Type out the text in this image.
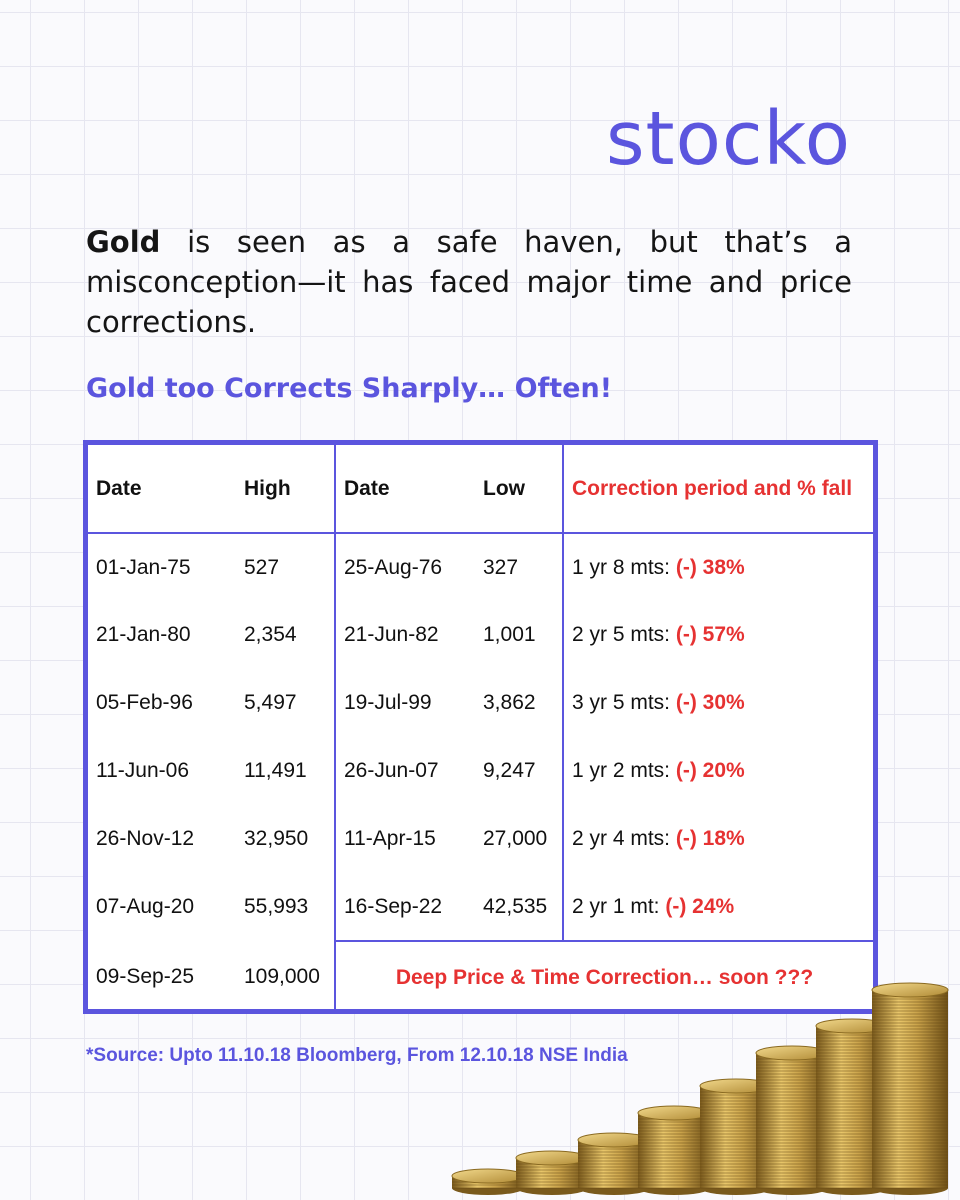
stocko

Gold is seen as a safe haven, but that’s a misconception—it has faced major time and price corrections.

Gold too Corrects Sharply… Often!
Date	High	Date	Low	Correction period and % fall
01-Jan-75	527	25-Aug-76	327	1 yr 8 mts: (-) 38%
21-Jan-80	2,354	21-Jun-82	1,001	2 yr 5 mts: (-) 57%
05-Feb-96	5,497	19-Jul-99	3,862	3 yr 5 mts: (-) 30%
11-Jun-06	11,491	26-Jun-07	9,247	1 yr 2 mts: (-) 20%
26-Nov-12	32,950	11-Apr-15	27,000	2 yr 4 mts: (-) 18%
07-Aug-20	55,993	16-Sep-22	42,535	2 yr 1 mt: (-) 24%
09-Sep-25	109,000	Deep Price & Time Correction… soon ???		
*Source: Upto 11.10.18 Bloomberg, From 12.10.18 NSE India
